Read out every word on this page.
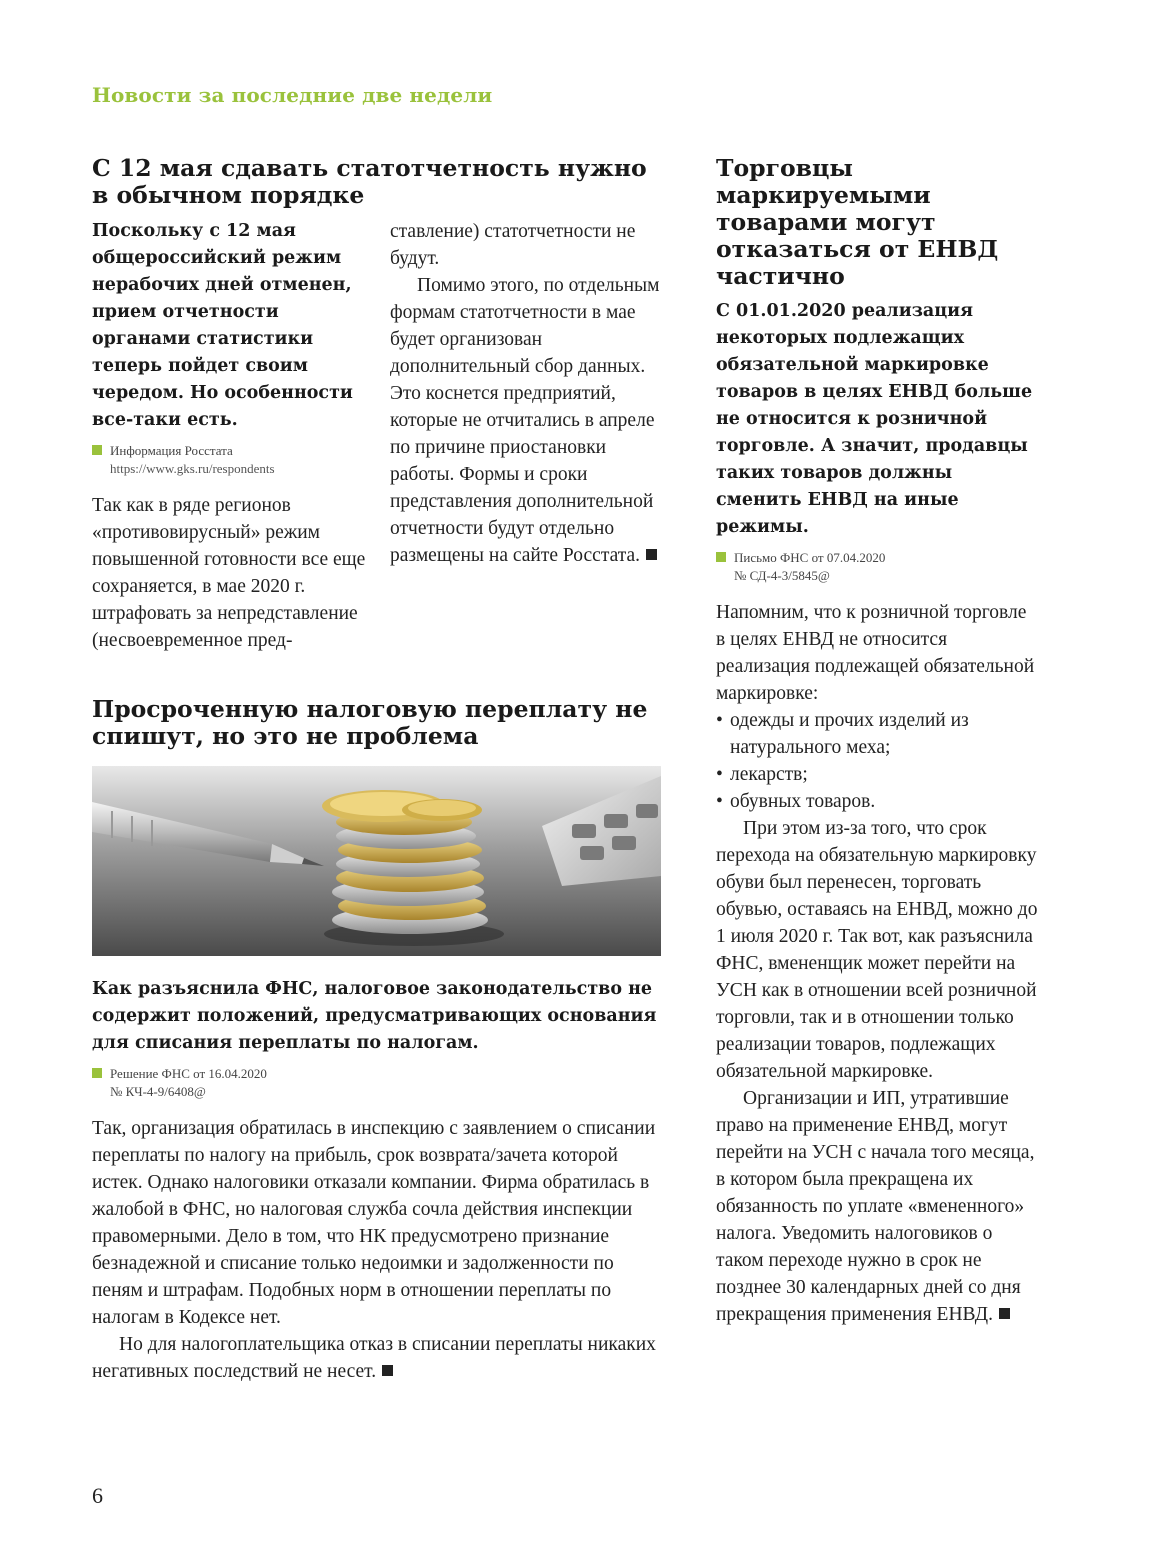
Новости за последние две недели
С 12 мая сдавать статотчетность нужно в обычном порядке

Поскольку с 12 мая общероссийский режим нерабочих дней отменен, прием отчетности органами статистики теперь пойдет своим чередом. Но особенности все-таки есть.

Информация Росстата
https://www.gks.ru/respondents

Так как в ряде регионов «противовирусный» режим повышенной готовности все еще сохраняется, в мае 2020 г. штрафовать за непредставление (несвоевременное пред-

ставление) статотчетности не будут.

Помимо этого, по отдельным формам статотчетности в мае будет организован дополнительный сбор данных. Это коснется предприятий, которые не отчитались в апреле по причине приостановки работы. Формы и сроки представления дополнительной отчетности будут отдельно размещены на сайте Росстата.

Просроченную налоговую переплату не спишут, но это не проблема

Как разъяснила ФНС, налоговое законодательство не содержит положений, предусматривающих основания для списания переплаты по налогам.

Решение ФНС от 16.04.2020
№ КЧ-4-9/6408@

Так, организация обратилась в инспекцию с заявлением о списании переплаты по налогу на прибыль, срок возврата/зачета которой истек. Однако налоговики отказали компании. Фирма обратилась в жалобой в ФНС, но налоговая служба сочла действия инспекции правомерными. Дело в том, что НК предусмотрено признание безнадежной и списание только недоимки и задолженности по пеням и штрафам. Подобных норм в отношении переплаты по налогам в Кодексе нет.

Но для налогоплательщика отказ в списании переплаты никаких негативных последствий не несет.

Торговцы маркируемыми товарами могут отказаться от ЕНВД частично

С 01.01.2020 реализация некоторых подлежащих обязательной маркировке товаров в целях ЕНВД больше не относится к розничной торговле. А значит, продавцы таких товаров должны сменить ЕНВД на иные режимы.

Письмо ФНС от 07.04.2020
№ СД-4-3/5845@

Напомним, что к розничной торговле в целях ЕНВД не относится реализация подлежащей обязательной маркировке:

• одежды и прочих изделий из натурального меха;
• лекарств;
• обувных товаров.

При этом из-за того, что срок перехода на обязательную маркировку обуви был перенесен, торговать обувью, оставаясь на ЕНВД, можно до 1 июля 2020 г. Так вот, как разъяснила ФНС, вмененщик может перейти на УСН как в отношении всей розничной торговли, так и в отношении только реализации товаров, подлежащих обязательной маркировке.

Организации и ИП, утратившие право на применение ЕНВД, могут перейти на УСН с начала того месяца, в котором была прекращена их обязанность по уплате «вмененного» налога. Уведомить налоговиков о таком переходе нужно в срок не позднее 30 календарных дней со дня прекращения применения ЕНВД.

6
